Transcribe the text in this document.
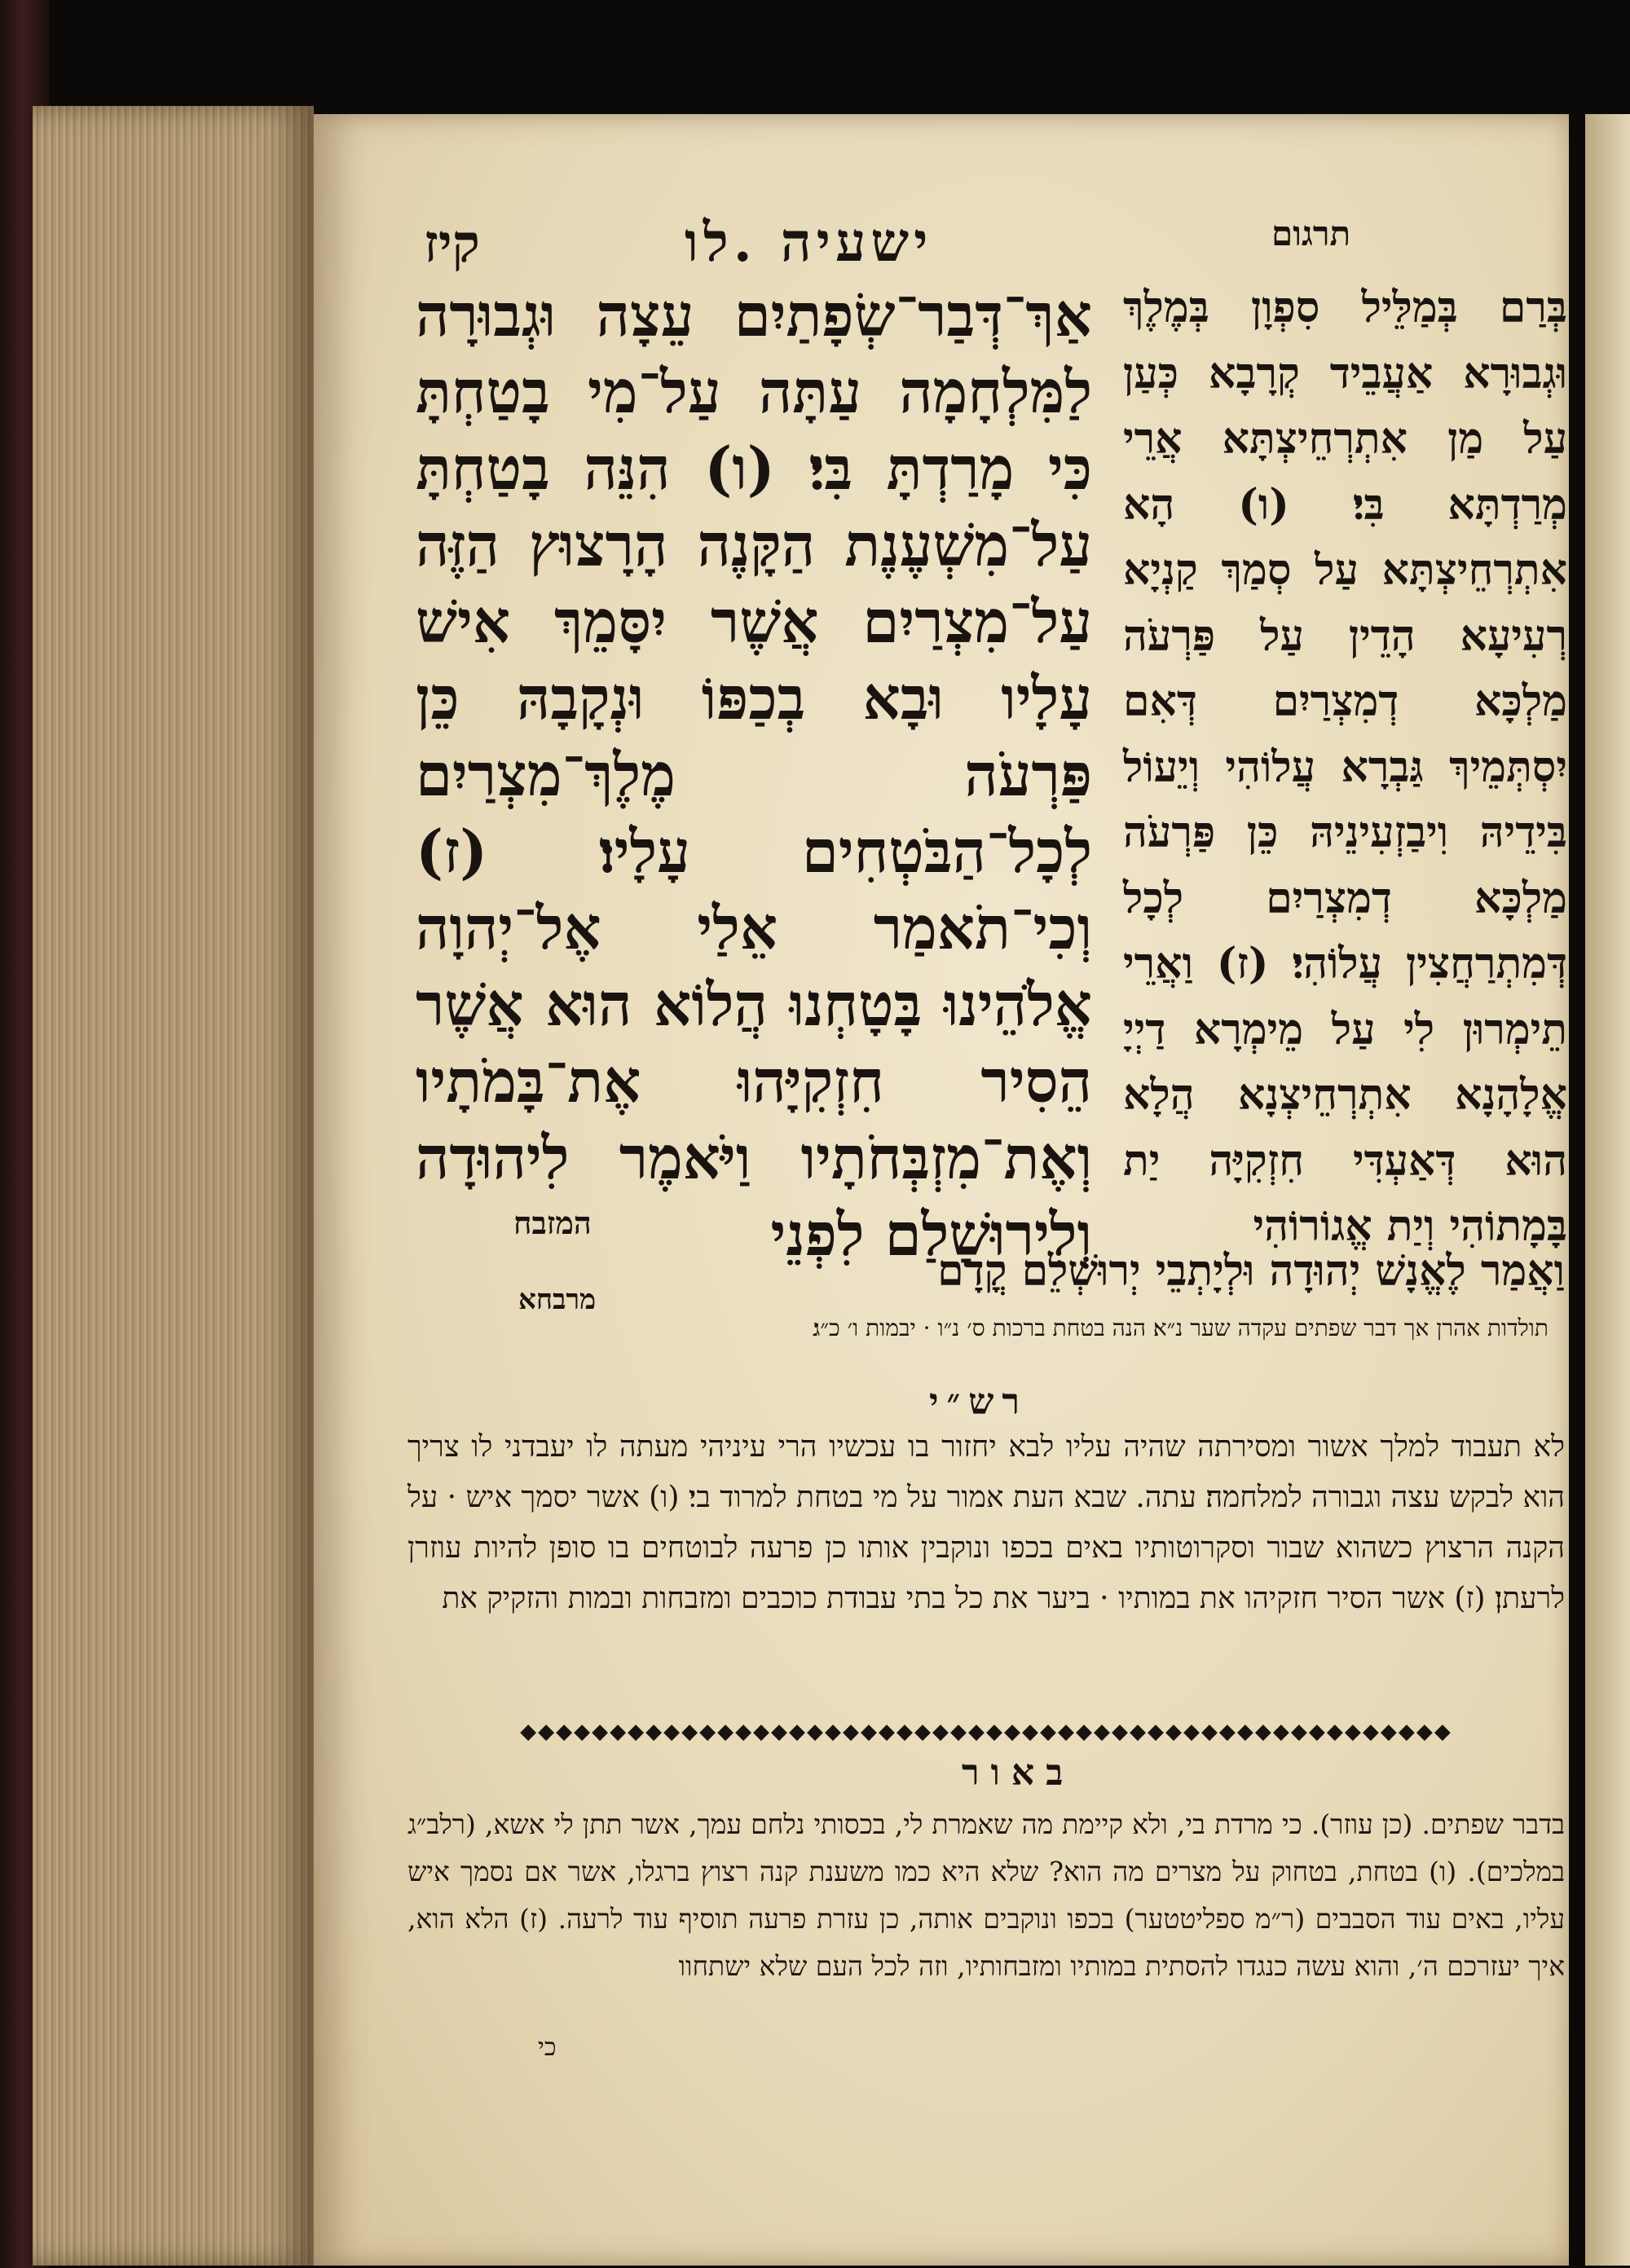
קיז	ישעיה .לו	תרגום
אַךְ־דְּבַר־שְׂפָתַיִם עֵצָה וּגְבוּרָה לַמִּלְחָמָה עַתָּה עַל־מִי בָטַחְתָּ כִּי מָרַדְתָּ בִּי׃ (ו) הִנֵּה בָטַחְתָּ עַל־מִשְׁעֶנֶת הַקָּנֶה הָרָצוּץ הַזֶּה עַל־מִצְרַיִם אֲשֶׁר יִסָּמֵךְ אִישׁ עָלָיו וּבָא בְכַפּוֹ וּנְקָבָהּ כֵּן פַּרְעֹה מֶלֶךְ־מִצְרַיִם לְכָל־הַבֹּטְחִים עָלָיו׃ (ז) וְכִי־תֹאמַר אֵלַי אֶל־יְהוָה אֱלֹהֵינוּ בָּטָחְנוּ הֲלוֹא הוּא אֲשֶׁר הֵסִיר חִזְקִיָּהוּ אֶת־בָּמֹתָיו וְאֶת־מִזְבְּחֹתָיו וַיֹּאמֶר לִיהוּדָה וְלִירוּשָׁלַם לִפְנֵי
המזבח
בְּרַם בְּמַלֵּיל סִפְוָן בְּמֶלֶךְ וּגְבוּרָא אַעֲבֵיד קְרָבָא כְּעַן עַל מַן אִתְרְחֵיצְתָּא אֲרֵי מְרַדְתָּא בִּי׃ (ו) הָא אִתְרְחֵיצְתָּא עַל סְמַךְ קַנְיָא רְעִיעָא הָדֵין עַל פַּרְעֹה מַלְכָּא דְמִצְרַיִם דְּאִם יִסְתְּמֵיךְ גַּבְרָא עֲלוֹהִי וְיֵעוֹל בִּידֵיהּ וִיבַזְעִינֵיהּ כֵּן פַּרְעֹה מַלְכָּא דְמִצְרַיִם לְכָל דְּמִתְרַחֲצִין עֲלוֹהִי׃ (ז) וַאֲרֵי תֵימְרוּן לִי עַל מֵימְרָא דַיְיָ אֱלָהָנָא אִתְרְחֵיצְנָא הֲלָא הוּא דְּאַעְדִּי חִזְקִיָּה יַת בָּמָתוֹהִי וְיַת אֱגוֹרוֹהִי
וַאֲמַר לֶאֱנָשׁ יְהוּדָה וּלְיָתְבֵי יְרוּשְׁלֵם קֳדָם
מרבחא
תולדות אהרן אך דבר שפתים עקדה שער נ״א׃ הנה בטחת ברכות ס׳ נ״ו · יבמות ו׳ כ״ג׃
רש״י
לא תעבוד למלך אשור ומסירתה שהיה עליו לבא יחזור בו עכשיו הרי עיניהי מעתה לו יעבדני לו צריך הוא לבקש עצה וגבורה למלחמה׃ עתה. שבא העת אמור על מי בטחת למרוד בי׃ (ו) אשר יסמך איש · על הקנה הרצוץ כשהוא שבור וסקרוטותיו באים בכפו ונוקבין אותו כן פרעה לבוטחים בו סופן להיות עוזרן לרעתן׃ (ז) אשר הסיר חזקיהו את במותיו · ביער את כל בתי עבודת כוכבים ומזבחות ובמות והזקיק את
◆◆◆◆◆◆◆◆◆◆◆◆◆◆◆◆◆◆◆◆◆◆◆◆◆◆◆◆◆◆◆◆◆◆◆◆◆◆◆◆◆◆◆◆◆◆◆◆◆◆◆◆
באור
בדבר שפתים. (כן עוזר). כי מרדת בי, ולא קיימת מה שאמרת לי, בכסותי נלחם עמך, אשר תתן לי אשא, (רלב״ג במלכים). (ו) בטחת, בטחוק על מצרים מה הוא? שלא היא כמו משענת קנה רצוץ ברגלו, אשר אם נסמך איש עליו, באים עוד הסבבים (ר״מ ספליטטער) בכפו ונוקבים אותה, כן עזרת פרעה תוסיף עוד לרעה. (ז) הלא הוא, איך יעזרכם ה׳, והוא עשה כנגדו להסתית במותיו ומזבחותיו, וזה לכל העם שלא ישתחוו
כי
